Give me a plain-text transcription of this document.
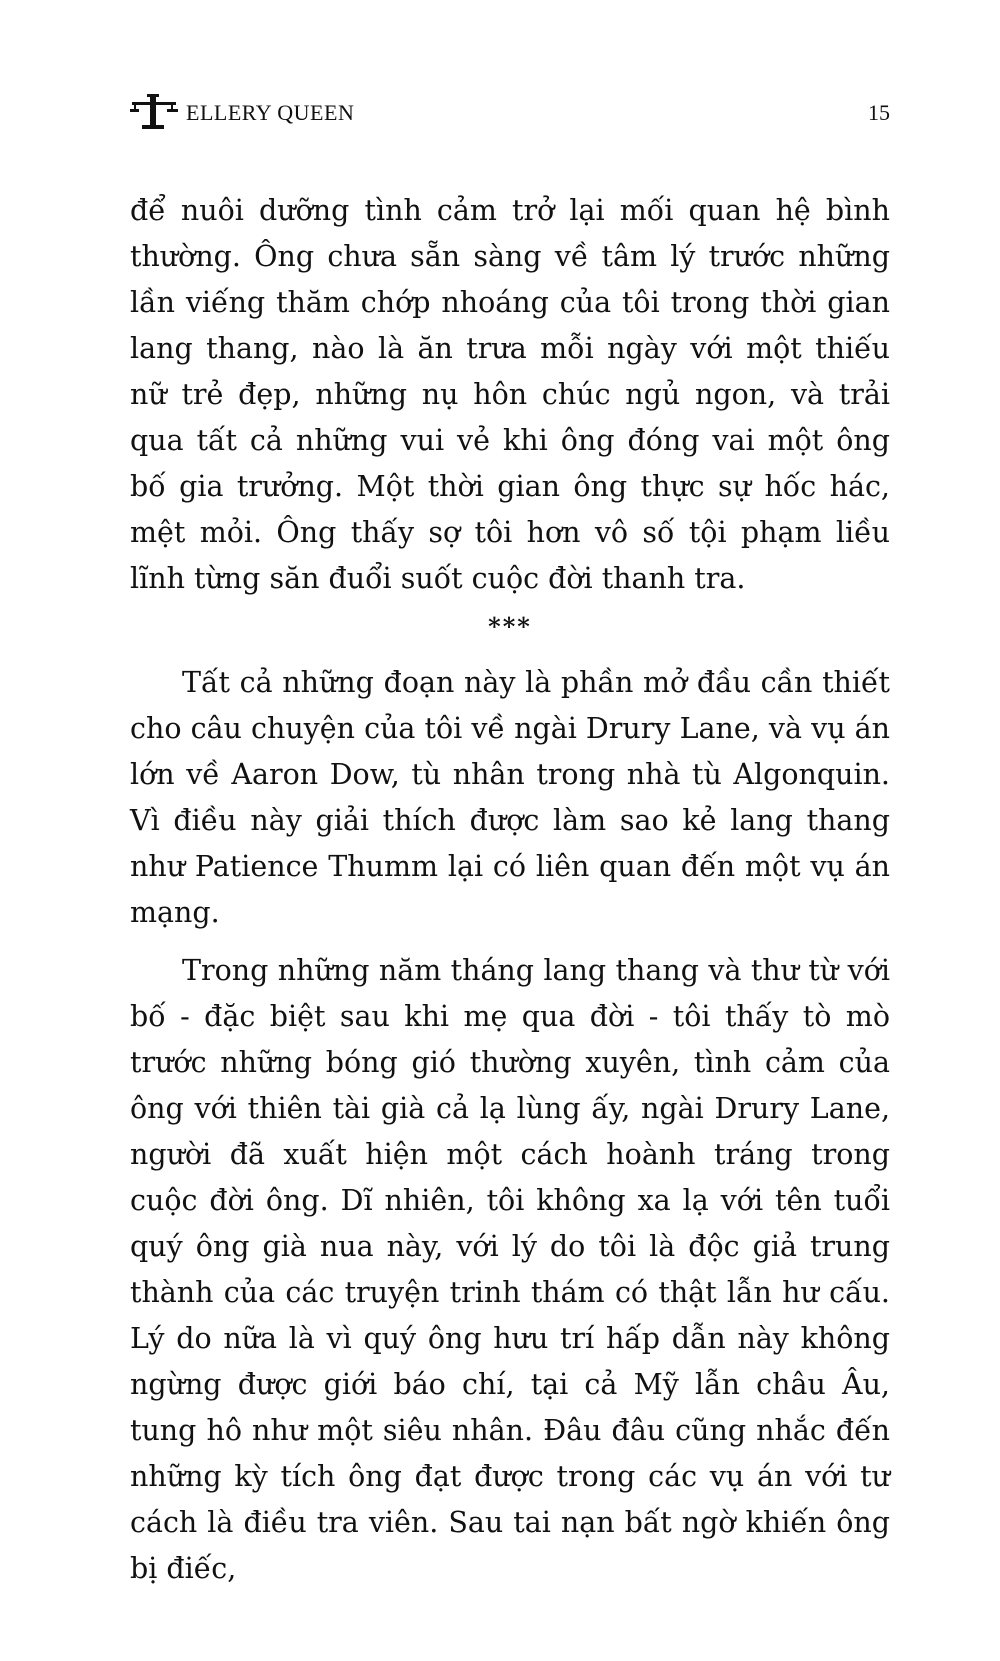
ELLERY QUEEN	15

để nuôi dưỡng tình cảm trở lại mối quan hệ bình thường. Ông chưa sẵn sàng về tâm lý trước những lần viếng thăm chớp nhoáng của tôi trong thời gian lang thang, nào là ăn trưa mỗi ngày với một thiếu nữ trẻ đẹp, những nụ hôn chúc ngủ ngon, và trải qua tất cả những vui vẻ khi ông đóng vai một ông bố gia trưởng. Một thời gian ông thực sự hốc hác, mệt mỏi. Ông thấy sợ tôi hơn vô số tội phạm liều lĩnh từng săn đuổi suốt cuộc đời thanh tra.

***

Tất cả những đoạn này là phần mở đầu cần thiết cho câu chuyện của tôi về ngài Drury Lane, và vụ án lớn về Aaron Dow, tù nhân trong nhà tù Algonquin. Vì điều này giải thích được làm sao kẻ lang thang như Patience Thumm lại có liên quan đến một vụ án mạng.

Trong những năm tháng lang thang và thư từ với bố - đặc biệt sau khi mẹ qua đời - tôi thấy tò mò trước những bóng gió thường xuyên, tình cảm của ông với thiên tài già cả lạ lùng ấy, ngài Drury Lane, người đã xuất hiện một cách hoành tráng trong cuộc đời ông. Dĩ nhiên, tôi không xa lạ với tên tuổi quý ông già nua này, với lý do tôi là độc giả trung thành của các truyện trinh thám có thật lẫn hư cấu. Lý do nữa là vì quý ông hưu trí hấp dẫn này không ngừng được giới báo chí, tại cả Mỹ lẫn châu Âu, tung hô như một siêu nhân. Đâu đâu cũng nhắc đến những kỳ tích ông đạt được trong các vụ án với tư cách là điều tra viên. Sau tai nạn bất ngờ khiến ông bị điếc,
